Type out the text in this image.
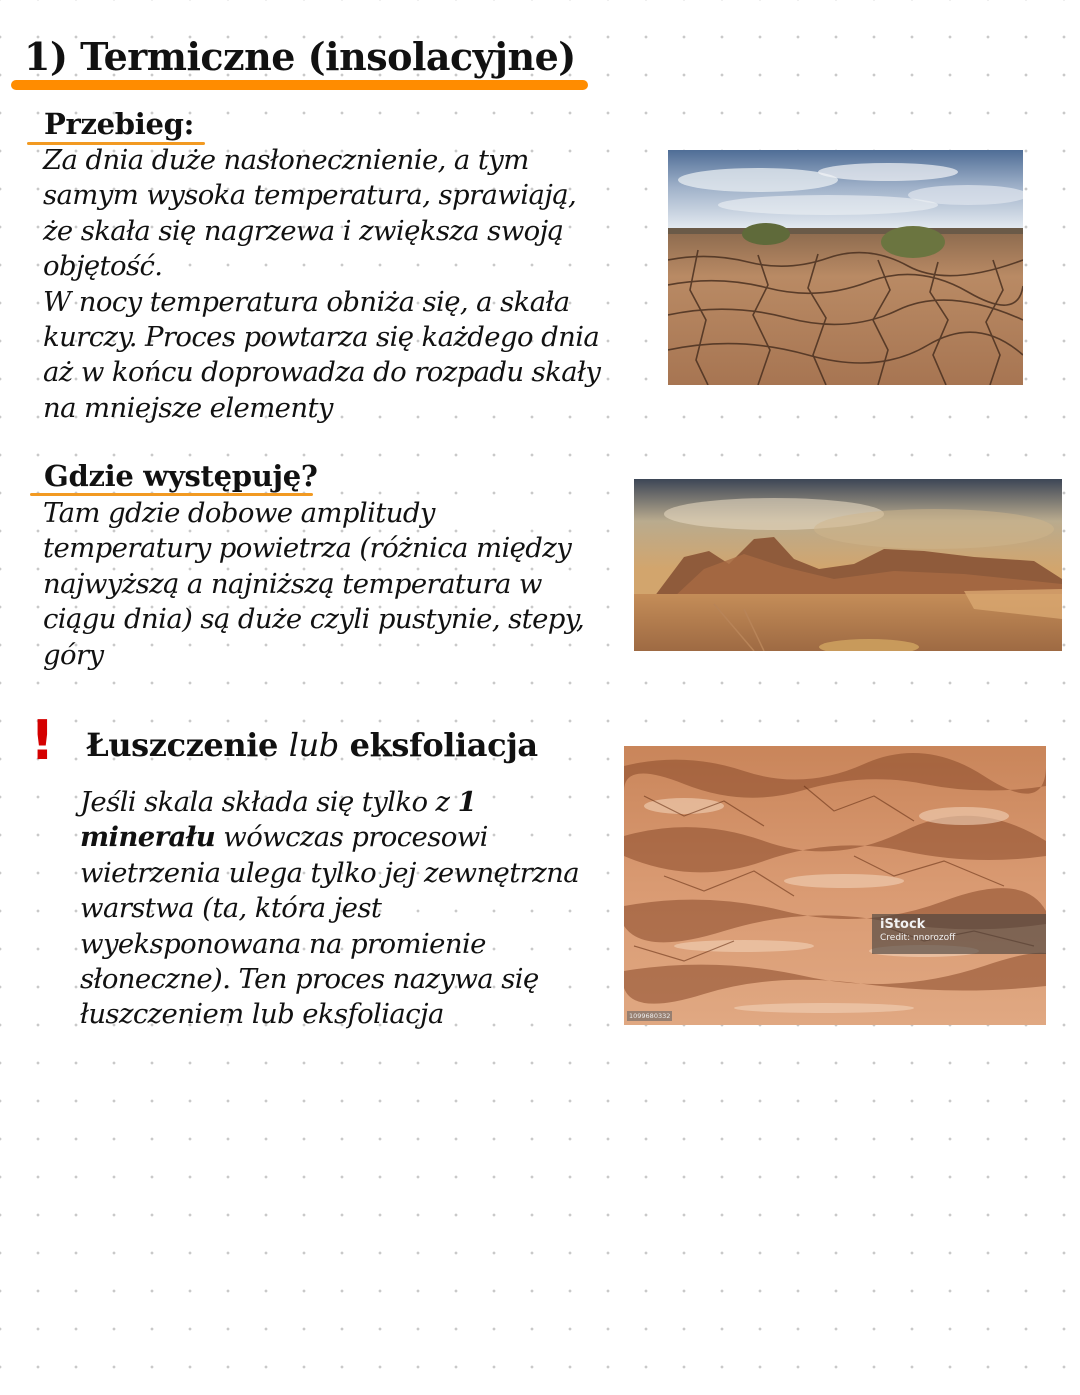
1) Termiczne (insolacyjne)
Przebieg:

Za dnia duże nasłonecznienie, a tym
samym wysoka temperatura, sprawiają,
że skała się nagrzewa i zwiększa swoją
objętość.
W nocy temperatura obniża się, a skała
kurczy. Proces powtarza się każdego dnia
aż w końcu doprowadza do rozpadu skały
na mniejsze elementy

Gdzie występuję?

Tam gdzie dobowe amplitudy
temperatury powietrza (różnica między
najwyższą a najniższą temperatura w
ciągu dnia) są duże czyli pustynie, stepy,
góry

! Łuszczenie lub eksfoliacja

Jeśli skala składa się tylko z 1
minerału wówczas procesowi
wietrzenia ulega tylko jej zewnętrzna
warstwa (ta, która jest
wyeksponowana na promienie
słoneczne). Ten proces nazywa się
łuszczeniem lub eksfoliacja

iStock
Credit: nnorozoff
1099680332
